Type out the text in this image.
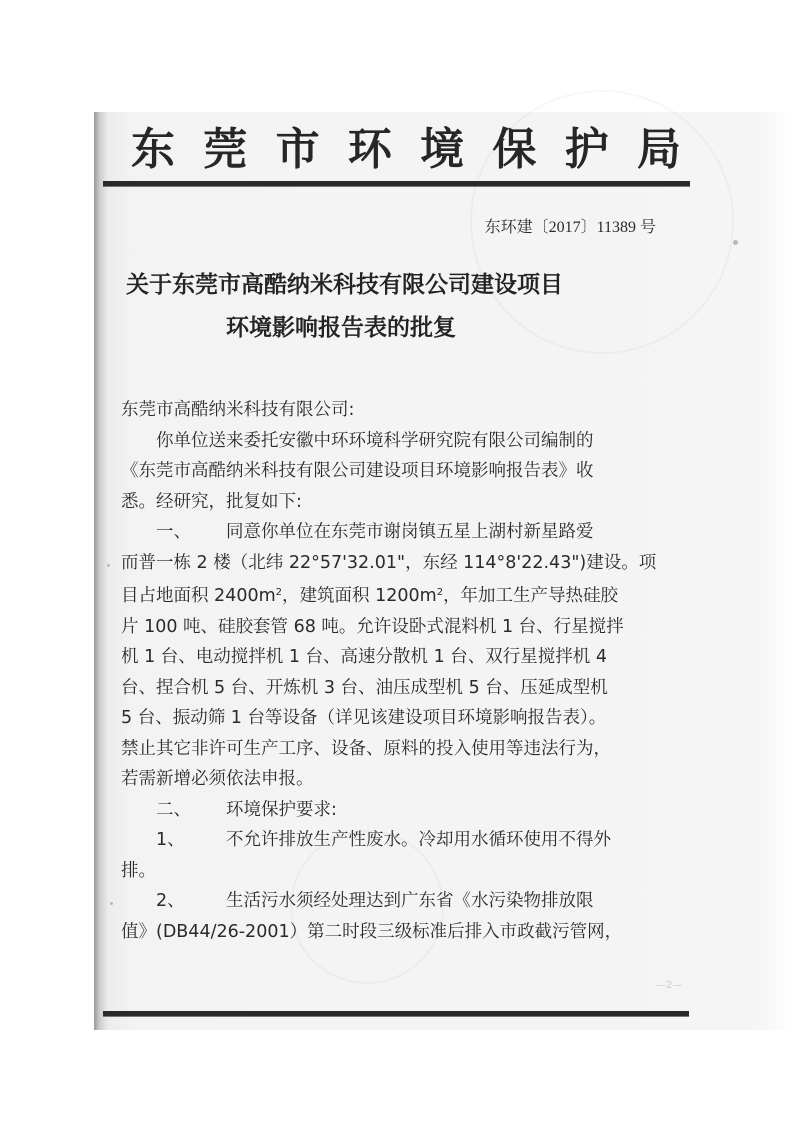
东 莞 市 环 境 保 护 局
东环建〔2017〕11389 号
关于东莞市高酷纳米科技有限公司建设项目
环境影响报告表的批复
东莞市高酷纳米科技有限公司:
你单位送来委托安徽中环环境科学研究院有限公司编制的
《东莞市高酷纳米科技有限公司建设项目环境影响报告表》收
悉。经研究，批复如下:
一、 同意你单位在东莞市谢岗镇五星上湖村新星路爱
而普一栋 2 楼（北纬 22°57'32.01"，东经 114°8'22.43")建设。项
目占地面积 $2400m^2$，建筑面积 $1200m^2$，年加工生产导热硅胶
片 100 吨、硅胶套管 68 吨。允许设卧式混料机 1 台、行星搅拌
机 1 台、电动搅拌机 1 台、高速分散机 1 台、双行星搅拌机 4
台、捏合机 5 台、开炼机 3 台、油压成型机 5 台、压延成型机
5 台、振动筛 1 台等设备（详见该建设项目环境影响报告表）。
禁止其它非许可生产工序、设备、原料的投入使用等违法行为，
若需新增必须依法申报。
二、 环境保护要求:
1、 不允许排放生产性废水。冷却用水循环使用不得外
排。
2、 生活污水须经处理达到广东省《水污染物排放限
值》(DB44/26-2001）第二时段三级标准后排入市政截污管网，
—2—
